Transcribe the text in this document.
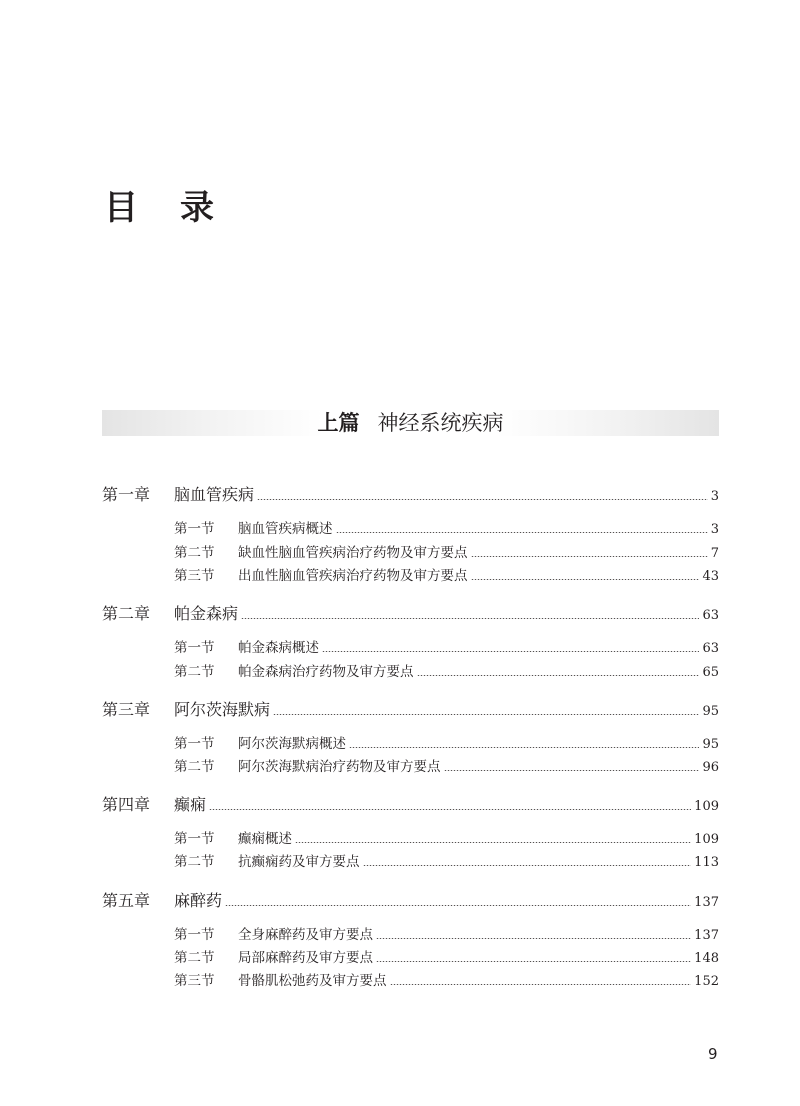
目 录
上篇 神经系统疾病
第一章	脑血管疾病	3
第一节	脑血管疾病概述	3
第二节	缺血性脑血管疾病治疗药物及审方要点	7
第三节	出血性脑血管疾病治疗药物及审方要点	43
第二章	帕金森病	63
第一节	帕金森病概述	63
第二节	帕金森病治疗药物及审方要点	65
第三章	阿尔茨海默病	95
第一节	阿尔茨海默病概述	95
第二节	阿尔茨海默病治疗药物及审方要点	96
第四章	癫痫	109
第一节	癫痫概述	109
第二节	抗癫痫药及审方要点	113
第五章	麻醉药	137
第一节	全身麻醉药及审方要点	137
第二节	局部麻醉药及审方要点	148
第三节	骨骼肌松弛药及审方要点	152
9
